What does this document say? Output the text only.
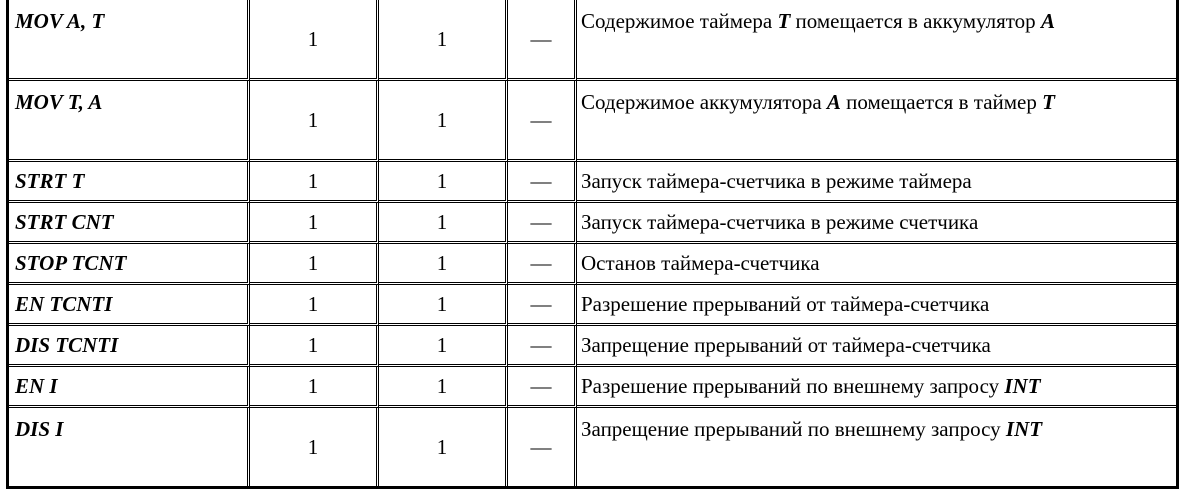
MOV A, T	1	1	—	Содержимое таймера T помещается в аккумулятор A
MOV T, A	1	1	—	Содержимое аккумулятора A помещается в таймер T
STRT T	1	1	—	Запуск таймера-счетчика в режиме таймера
STRT CNT	1	1	—	Запуск таймера-счетчика в режиме счетчика
STOP TCNT	1	1	—	Останов таймера-счетчика
EN TCNTI	1	1	—	Разрешение прерываний от таймера-счетчика
DIS TCNTI	1	1	—	Запрещение прерываний от таймера-счетчика
EN I	1	1	—	Разрешение прерываний по внешнему запросу INT
DIS I	1	1	—	Запрещение прерываний по внешнему запросу INT
